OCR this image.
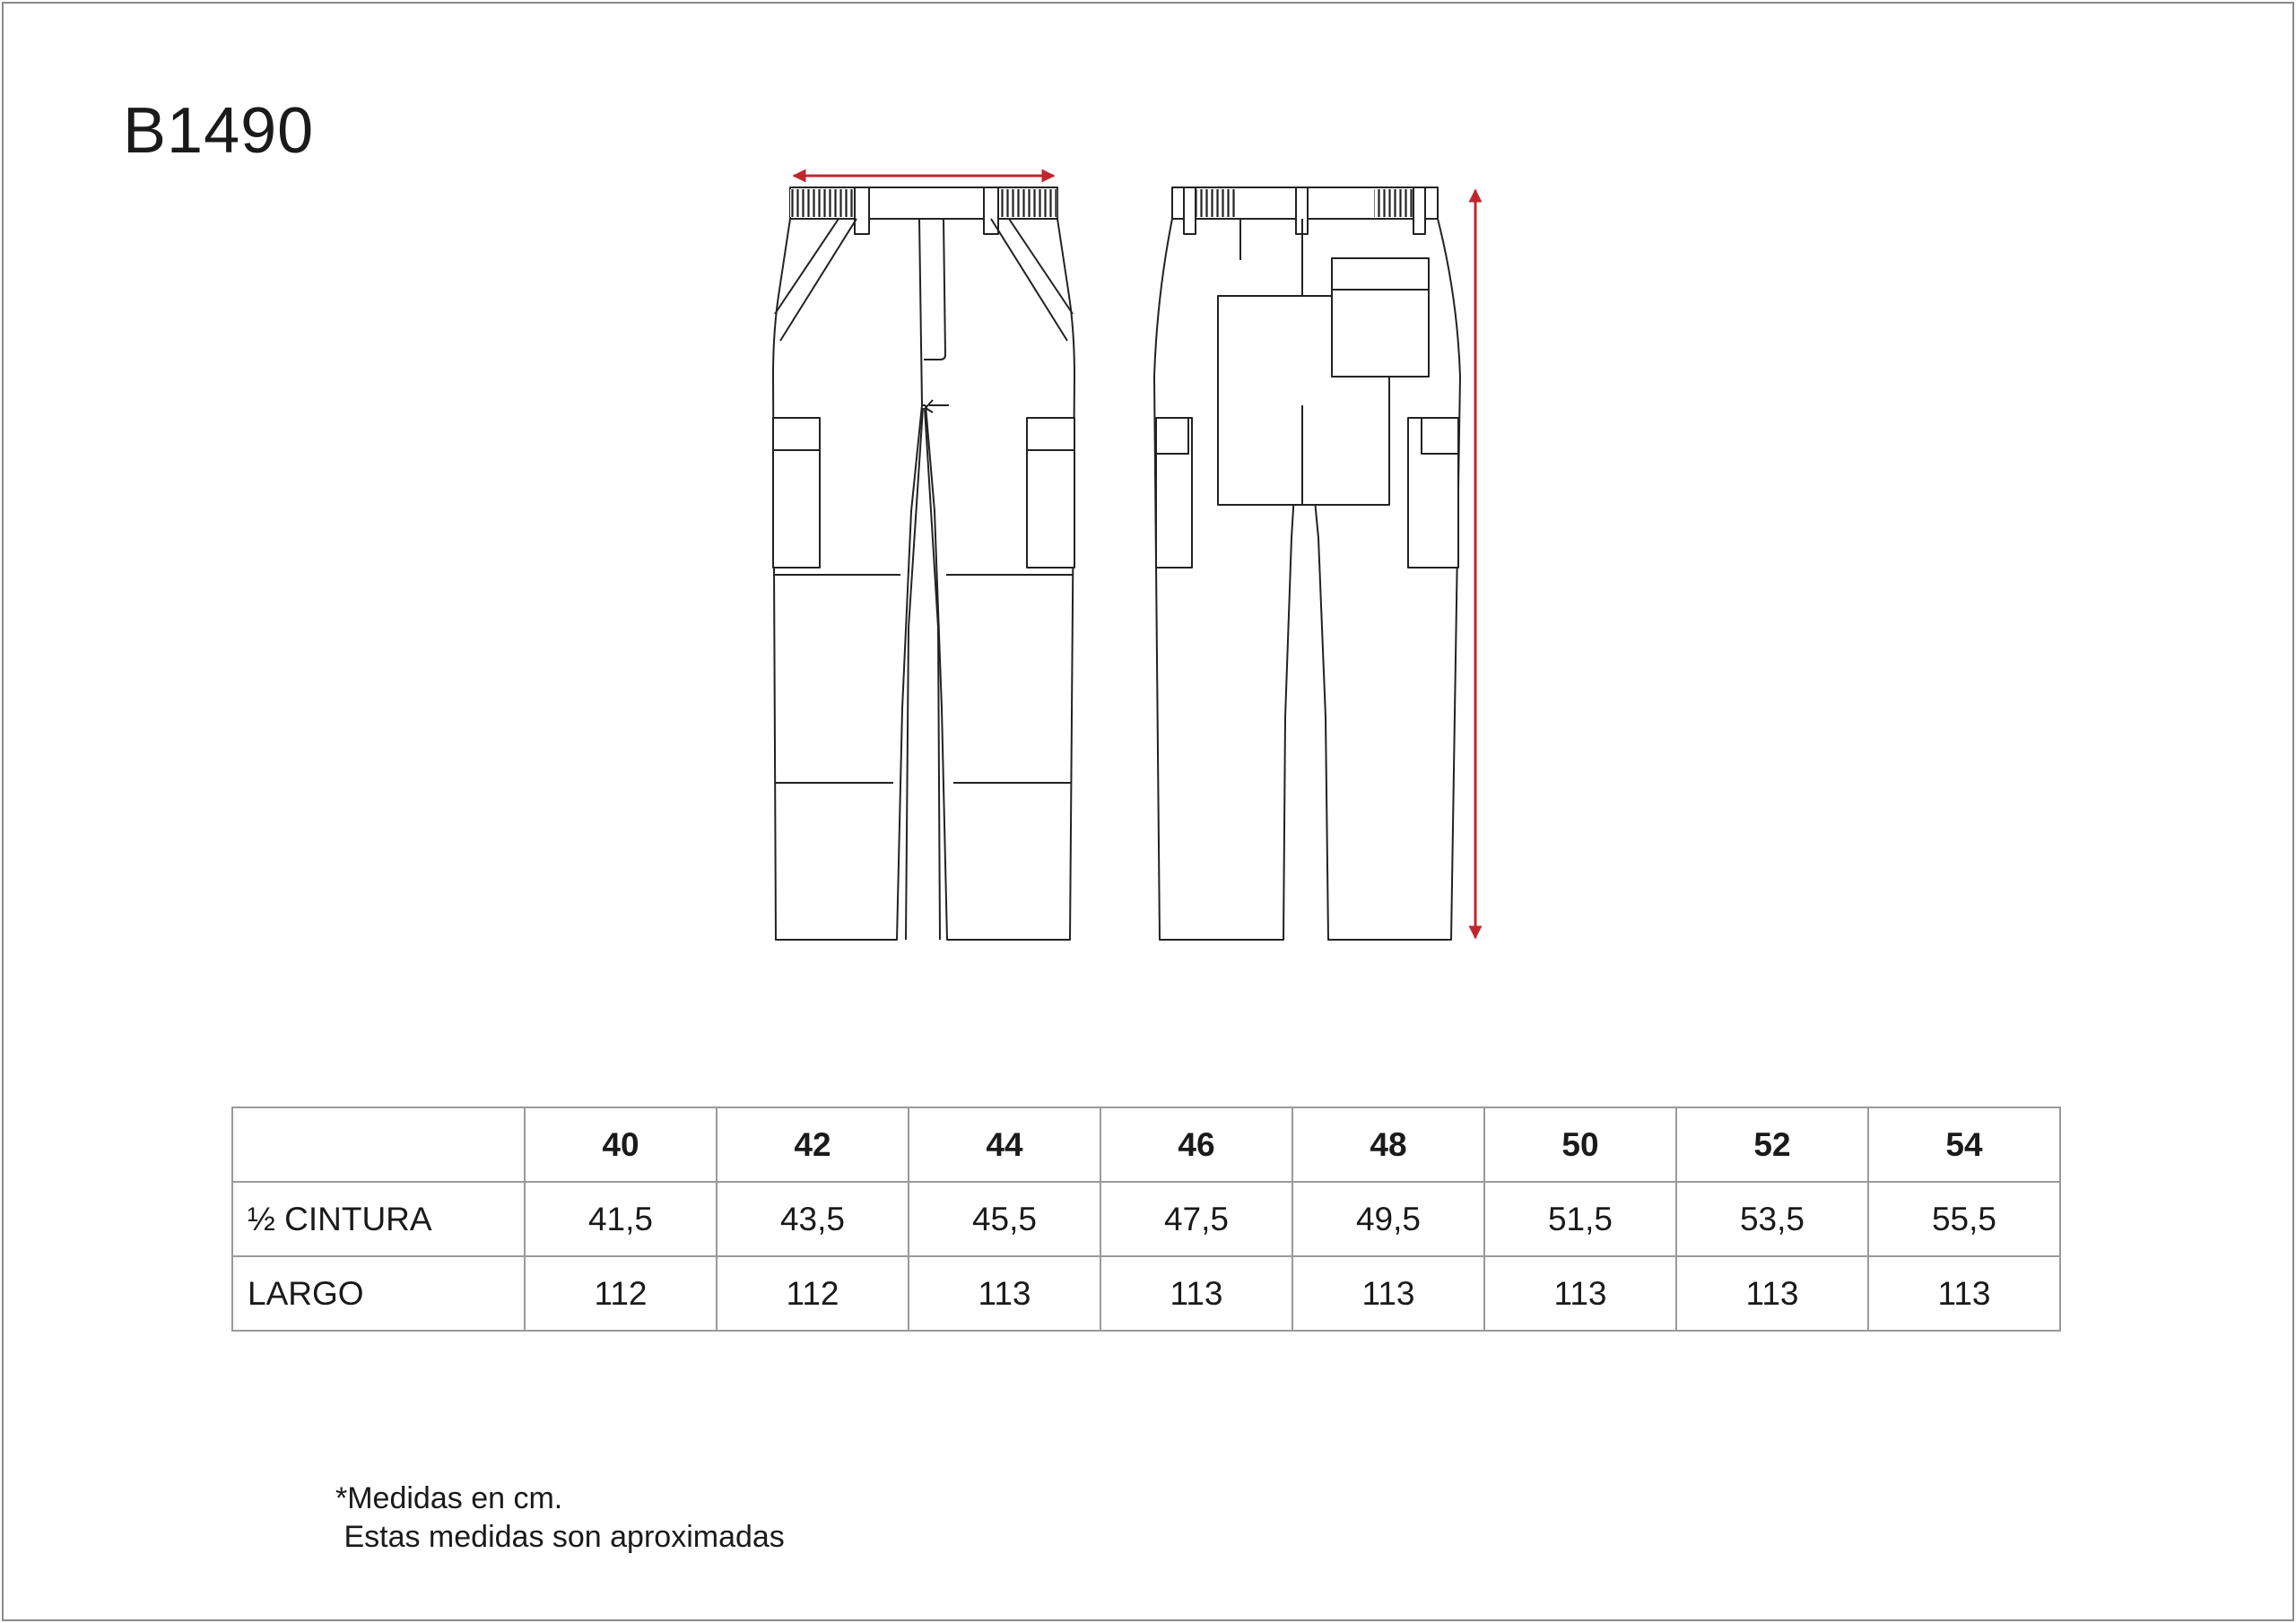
B1490
	40	42	44	46	48	50	52	54
½ CINTURA	41,5	43,5	45,5	47,5	49,5	51,5	53,5	55,5
LARGO	112	112	113	113	113	113	113	113
*Medidas en cm.
Estas medidas son aproximadas
